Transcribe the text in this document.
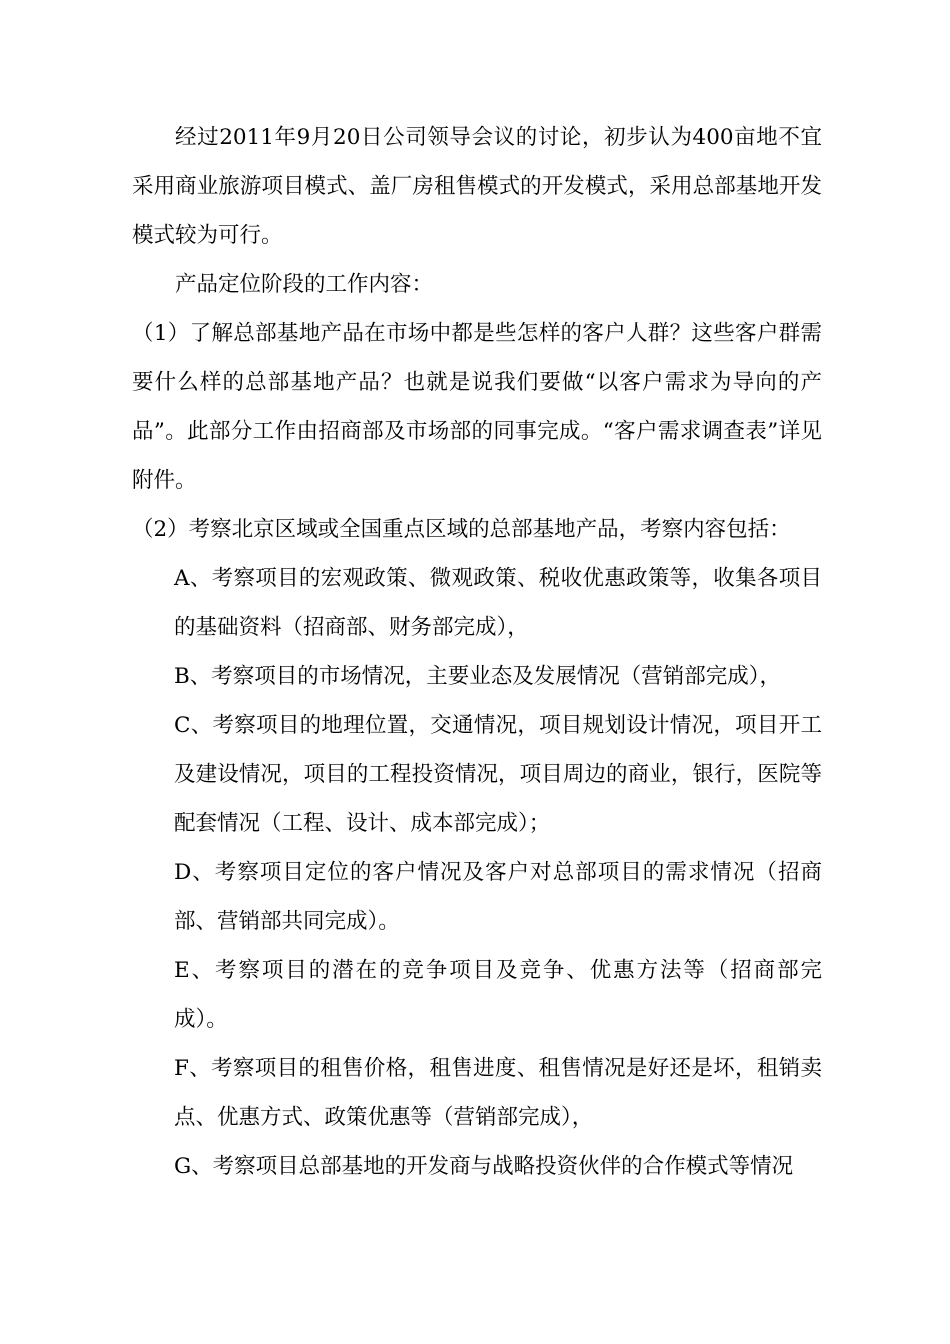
经过2011年9月20日公司领导会议的讨论，初步认为400亩地不宜采用商业旅游项目模式、盖厂房租售模式的开发模式，采用总部基地开发模式较为可行。

产品定位阶段的工作内容：

（1）了解总部基地产品在市场中都是些怎样的客户人群？这些客户群需要什么样的总部基地产品？也就是说我们要做“以客户需求为导向的产品”。此部分工作由招商部及市场部的同事完成。“客户需求调查表”详见附件。

（2）考察北京区域或全国重点区域的总部基地产品，考察内容包括：

A、考察项目的宏观政策、微观政策、税收优惠政策等，收集各项目的基础资料（招商部、财务部完成），

B、考察项目的市场情况，主要业态及发展情况（营销部完成），

C、考察项目的地理位置，交通情况，项目规划设计情况，项目开工及建设情况，项目的工程投资情况，项目周边的商业，银行，医院等配套情况（工程、设计、成本部完成）；

D、考察项目定位的客户情况及客户对总部项目的需求情况（招商部、营销部共同完成）。

E、考察项目的潜在的竞争项目及竞争、优惠方法等（招商部完成）。

F、考察项目的租售价格，租售进度、租售情况是好还是坏，租销卖点、优惠方式、政策优惠等（营销部完成），

G、考察项目总部基地的开发商与战略投资伙伴的合作模式等情况
